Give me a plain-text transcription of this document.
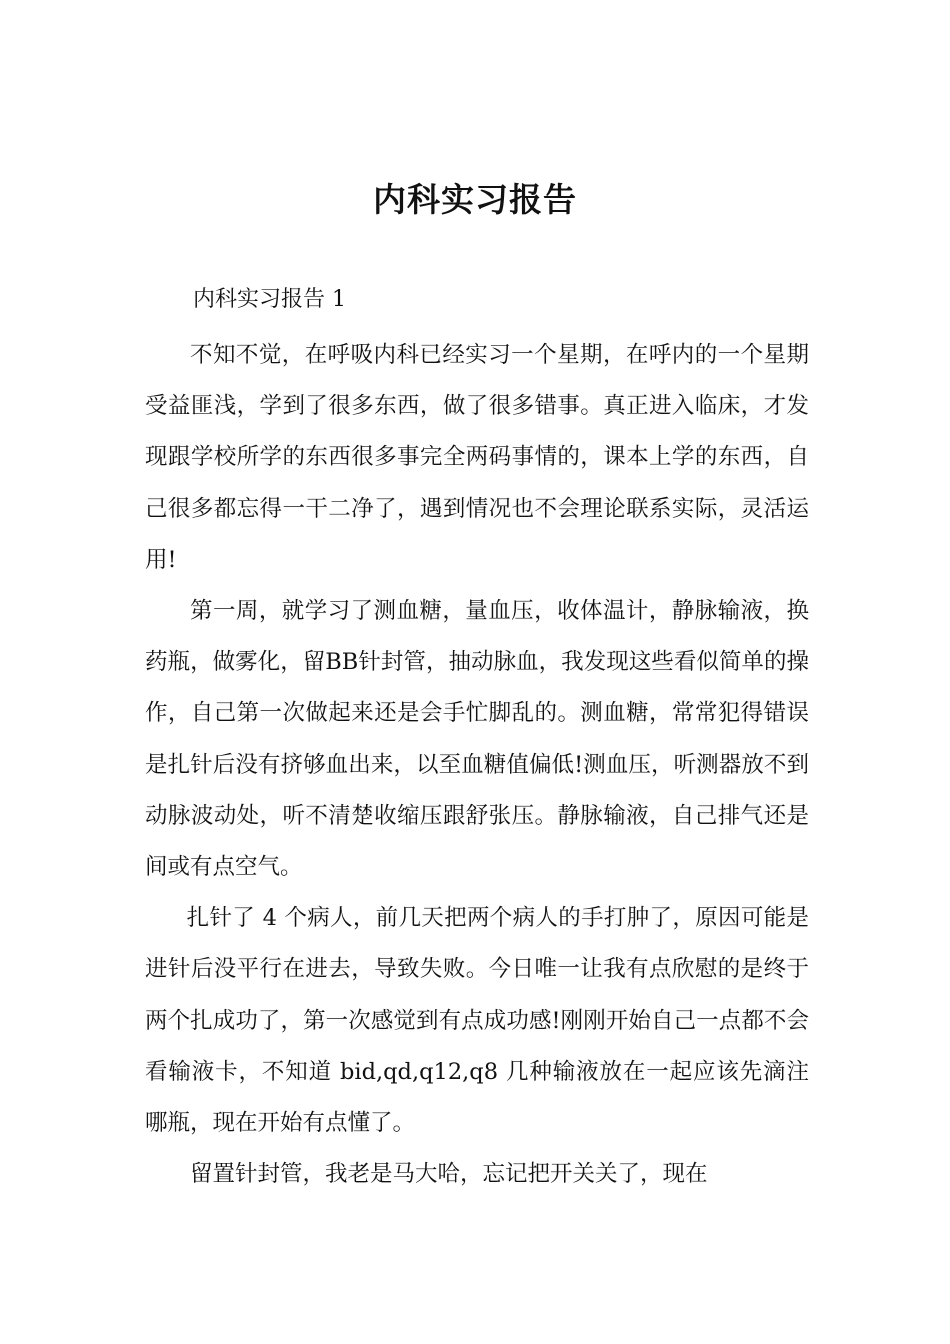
内科实习报告

内科实习报告 1

不知不觉，在呼吸内科已经实习一个星期，在呼内的一个星期受益匪浅，学到了很多东西，做了很多错事。真正进入临床，才发现跟学校所学的东西很多事完全两码事情的，课本上学的东西，自己很多都忘得一干二净了，遇到情况也不会理论联系实际，灵活运用!

第一周，就学习了测血糖，量血压，收体温计，静脉输液，换药瓶，做雾化，留BB针封管，抽动脉血，我发现这些看似简单的操作，自己第一次做起来还是会手忙脚乱的。测血糖，常常犯得错误是扎针后没有挤够血出来，以至血糖值偏低!测血压，听测器放不到动脉波动处，听不清楚收缩压跟舒张压。静脉输液，自己排气还是间或有点空气。

扎针了 4 个病人，前几天把两个病人的手打肿了，原因可能是进针后没平行在进去，导致失败。今日唯一让我有点欣慰的是终于两个扎成功了，第一次感觉到有点成功感!刚刚开始自己一点都不会看输液卡，不知道 bid,qd,q12,q8 几种输液放在一起应该先滴注哪瓶，现在开始有点懂了。

留置针封管，我老是马大哈，忘记把开关关了，现在
